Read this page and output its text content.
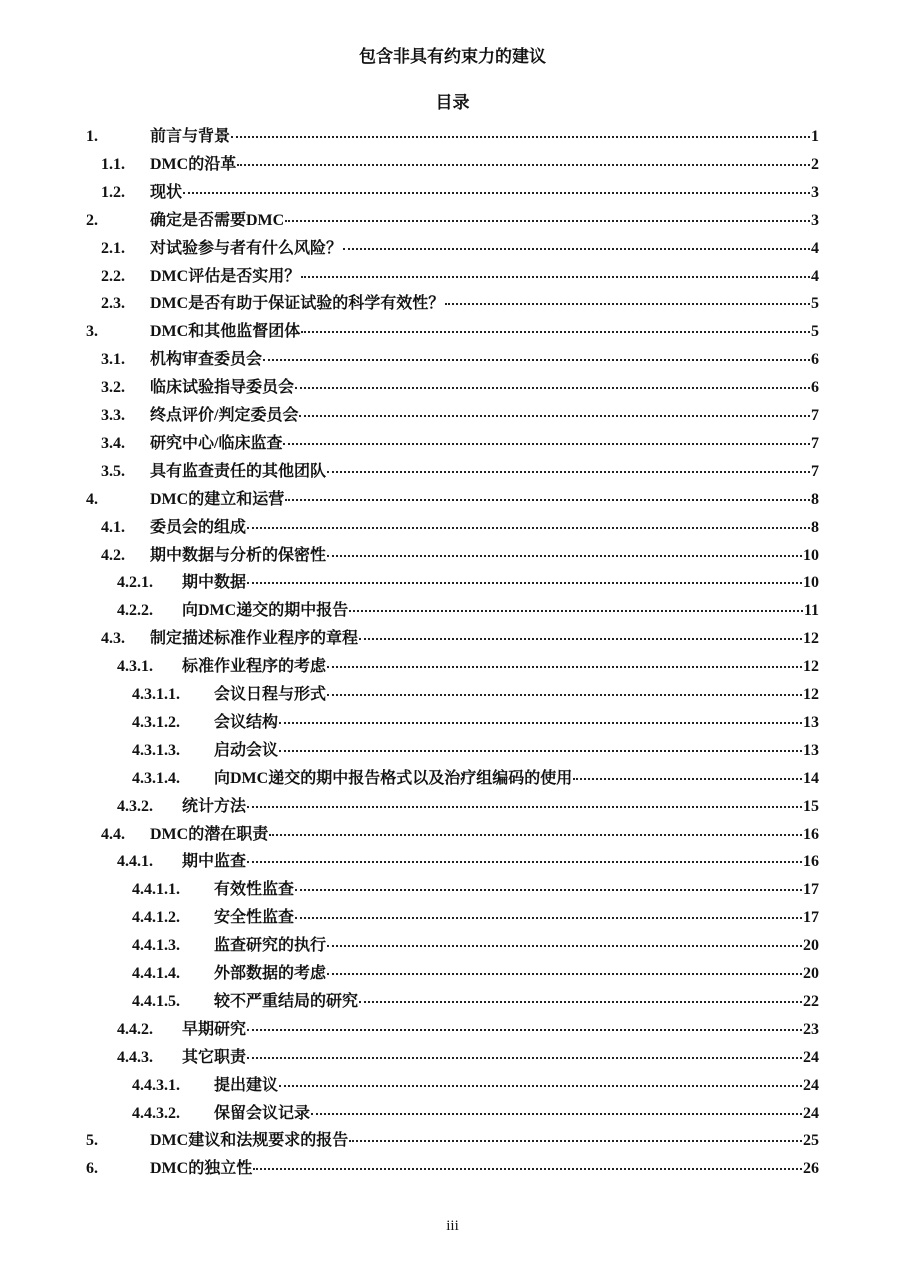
包含非具有约束力的建议
目录
1.	前言与背景	1
1.1.	DMC的沿革	2
1.2.	现状	3
2.	确定是否需要DMC	3
2.1.	对试验参与者有什么风险？	4
2.2.	DMC评估是否实用？	4
2.3.	DMC是否有助于保证试验的科学有效性？	5
3.	DMC和其他监督团体	5
3.1.	机构审查委员会	6
3.2.	临床试验指导委员会	6
3.3.	终点评价/判定委员会	7
3.4.	研究中心/临床监查	7
3.5.	具有监查责任的其他团队	7
4.	DMC的建立和运营	8
4.1.	委员会的组成	8
4.2.	期中数据与分析的保密性	10
4.2.1.	期中数据	10
4.2.2.	向DMC递交的期中报告	11
4.3.	制定描述标准作业程序的章程	12
4.3.1.	标准作业程序的考虑	12
4.3.1.1.	会议日程与形式	12
4.3.1.2.	会议结构	13
4.3.1.3.	启动会议	13
4.3.1.4.	向DMC递交的期中报告格式以及治疗组编码的使用	14
4.3.2.	统计方法	15
4.4.	DMC的潜在职责	16
4.4.1.	期中监查	16
4.4.1.1.	有效性监查	17
4.4.1.2.	安全性监查	17
4.4.1.3.	监查研究的执行	20
4.4.1.4.	外部数据的考虑	20
4.4.1.5.	较不严重结局的研究	22
4.4.2.	早期研究	23
4.4.3.	其它职责	24
4.4.3.1.	提出建议	24
4.4.3.2.	保留会议记录	24
5.	DMC建议和法规要求的报告	25
6.	DMC的独立性	26
iii
